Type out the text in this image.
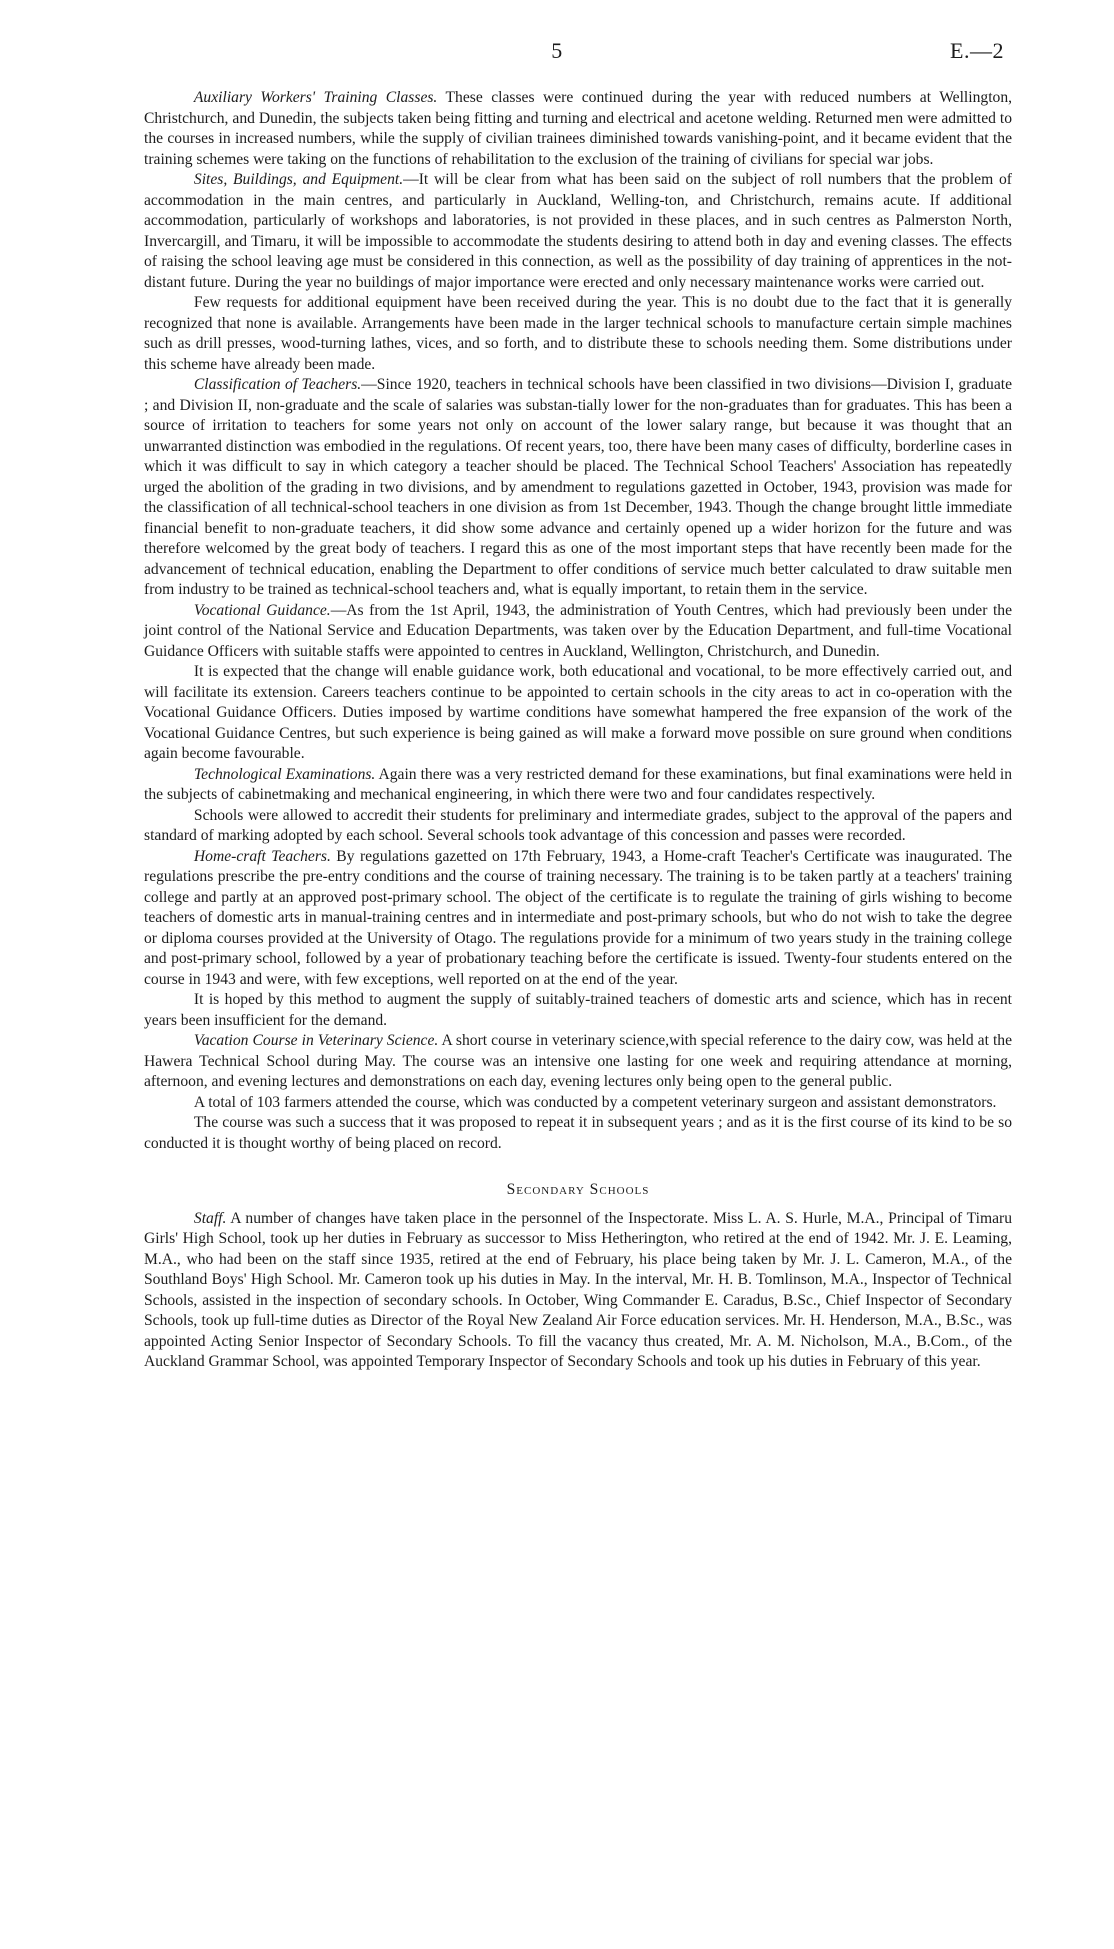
5	E.—2

Auxiliary Workers' Training Classes. These classes were continued during the year with reduced numbers at Wellington, Christchurch, and Dunedin, the subjects taken being fitting and turning and electrical and acetone welding. Returned men were admitted to the courses in increased numbers, while the supply of civilian trainees diminished towards vanishing-point, and it became evident that the training schemes were taking on the functions of rehabilitation to the exclusion of the training of civilians for special war jobs.

Sites, Buildings, and Equipment.—It will be clear from what has been said on the subject of roll numbers that the problem of accommodation in the main centres, and particularly in Auckland, Welling-ton, and Christchurch, remains acute. If additional accommodation, particularly of workshops and laboratories, is not provided in these places, and in such centres as Palmerston North, Invercargill, and Timaru, it will be impossible to accommodate the students desiring to attend both in day and evening classes. The effects of raising the school leaving age must be considered in this connection, as well as the possibility of day training of apprentices in the not-distant future. During the year no buildings of major importance were erected and only necessary maintenance works were carried out.

Few requests for additional equipment have been received during the year. This is no doubt due to the fact that it is generally recognized that none is available. Arrangements have been made in the larger technical schools to manufacture certain simple machines such as drill presses, wood-turning lathes, vices, and so forth, and to distribute these to schools needing them. Some distributions under this scheme have already been made.

Classification of Teachers.—Since 1920, teachers in technical schools have been classified in two divisions—Division I, graduate ; and Division II, non-graduate and the scale of salaries was substan-tially lower for the non-graduates than for graduates. This has been a source of irritation to teachers for some years not only on account of the lower salary range, but because it was thought that an unwarranted distinction was embodied in the regulations. Of recent years, too, there have been many cases of difficulty, borderline cases in which it was difficult to say in which category a teacher should be placed. The Technical School Teachers' Association has repeatedly urged the abolition of the grading in two divisions, and by amendment to regulations gazetted in October, 1943, provision was made for the classification of all technical-school teachers in one division as from 1st December, 1943. Though the change brought little immediate financial benefit to non-graduate teachers, it did show some advance and certainly opened up a wider horizon for the future and was therefore welcomed by the great body of teachers. I regard this as one of the most important steps that have recently been made for the advancement of technical education, enabling the Department to offer conditions of service much better calculated to draw suitable men from industry to be trained as technical-school teachers and, what is equally important, to retain them in the service.

Vocational Guidance.—As from the 1st April, 1943, the administration of Youth Centres, which had previously been under the joint control of the National Service and Education Departments, was taken over by the Education Department, and full-time Vocational Guidance Officers with suitable staffs were appointed to centres in Auckland, Wellington, Christchurch, and Dunedin.

It is expected that the change will enable guidance work, both educational and vocational, to be more effectively carried out, and will facilitate its extension. Careers teachers continue to be appointed to certain schools in the city areas to act in co-operation with the Vocational Guidance Officers. Duties imposed by wartime conditions have somewhat hampered the free expansion of the work of the Vocational Guidance Centres, but such experience is being gained as will make a forward move possible on sure ground when conditions again become favourable.

Technological Examinations. Again there was a very restricted demand for these examinations, but final examinations were held in the subjects of cabinetmaking and mechanical engineering, in which there were two and four candidates respectively.

Schools were allowed to accredit their students for preliminary and intermediate grades, subject to the approval of the papers and standard of marking adopted by each school. Several schools took advantage of this concession and passes were recorded.

Home-craft Teachers. By regulations gazetted on 17th February, 1943, a Home-craft Teacher's Certificate was inaugurated. The regulations prescribe the pre-entry conditions and the course of training necessary. The training is to be taken partly at a teachers' training college and partly at an approved post-primary school. The object of the certificate is to regulate the training of girls wishing to become teachers of domestic arts in manual-training centres and in intermediate and post-primary schools, but who do not wish to take the degree or diploma courses provided at the University of Otago. The regulations provide for a minimum of two years study in the training college and post-primary school, followed by a year of probationary teaching before the certificate is issued. Twenty-four students entered on the course in 1943 and were, with few exceptions, well reported on at the end of the year.

It is hoped by this method to augment the supply of suitably-trained teachers of domestic arts and science, which has in recent years been insufficient for the demand.

Vacation Course in Veterinary Science. A short course in veterinary science,with special reference to the dairy cow, was held at the Hawera Technical School during May. The course was an intensive one lasting for one week and requiring attendance at morning, afternoon, and evening lectures and demonstrations on each day, evening lectures only being open to the general public.

A total of 103 farmers attended the course, which was conducted by a competent veterinary surgeon and assistant demonstrators.

The course was such a success that it was proposed to repeat it in subsequent years ; and as it is the first course of its kind to be so conducted it is thought worthy of being placed on record.

Secondary Schools

Staff. A number of changes have taken place in the personnel of the Inspectorate. Miss L. A. S. Hurle, M.A., Principal of Timaru Girls' High School, took up her duties in February as successor to Miss Hetherington, who retired at the end of 1942. Mr. J. E. Leaming, M.A., who had been on the staff since 1935, retired at the end of February, his place being taken by Mr. J. L. Cameron, M.A., of the Southland Boys' High School. Mr. Cameron took up his duties in May. In the interval, Mr. H. B. Tomlinson, M.A., Inspector of Technical Schools, assisted in the inspection of secondary schools. In October, Wing Commander E. Caradus, B.Sc., Chief Inspector of Secondary Schools, took up full-time duties as Director of the Royal New Zealand Air Force education services. Mr. H. Henderson, M.A., B.Sc., was appointed Acting Senior Inspector of Secondary Schools. To fill the vacancy thus created, Mr. A. M. Nicholson, M.A., B.Com., of the Auckland Grammar School, was appointed Temporary Inspector of Secondary Schools and took up his duties in February of this year.
